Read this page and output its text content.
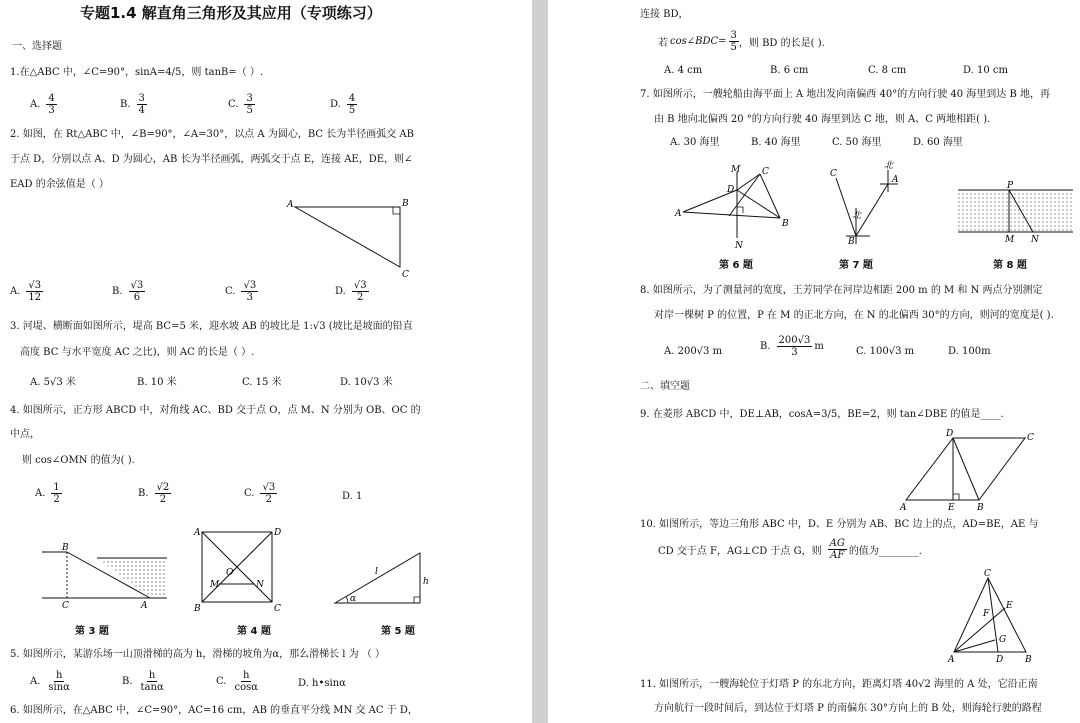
专题1.4 解直角三角形及其应用（专项练习）
一、选择题
1.在△ABC 中，∠C=90°，sinA=4/5，则 tanB=（ ）.
A. $\frac{4}{3}$	B. $\frac{3}{4}$	C. $\frac{3}{5}$	D. $\frac{4}{5}$
2. 如图，在 Rt△ABC 中，∠B=90°，∠A=30°，以点 A 为圆心，BC 长为半径画弧交 AB
于点 D，分别以点 A、D 为圆心，AB 长为半径画弧，两弧交于点 E，连接 AE，DE，则∠
EAD 的余弦值是（ ）
A	B
C
A. $\frac{√3}{12}$	B. $\frac{√3}{6}$	C. $\frac{√3}{3}$	D. $\frac{√3}{2}$
3. 河堤、横断面如图所示，堤高 BC=5 米，迎水坡 AB 的坡比是 1:√3 (坡比是坡面的铅直
高度 BC 与水平宽度 AC 之比)，则 AC 的长是（ ）.
A. 5√3 米	B. 10 米	C. 15 米	D. 10√3 米
4. 如图所示，正方形 ABCD 中，对角线 AC、BD 交于点 O，点 M、N 分别为 OB、OC 的
中点，
则 cos∠OMN 的值为( ).
A. $\frac{1}{2}$	B. $\frac{√2}{2}$	C. $\frac{√3}{2}$	D. 1
B
C	A
A	D
B	C
O
M	N
l
h
α
第 3 题	第 4 题	第 5 题
5. 如图所示，某游乐场一山顶滑梯的高为 h，滑梯的坡角为α，那么滑梯长 l 为 （ ）
A. $\frac{h}{\sin\alpha}$	B. $\frac{h}{\tan\alpha}$	C. $\frac{h}{\cos\alpha}$	D. h•sinα
6. 如图所示，在△ABC 中，∠C=90°，AC=16 cm，AB 的垂直平分线 MN 交 AC 于 D，
连接 BD，
若 cos∠BDC= $\frac{3}{5}$ ，则 BD 的长是( ).
A. 4 cm	B. 6 cm	C. 8 cm	D. 10 cm
7. 如图所示，一艘轮船由海平面上 A 地出发向南偏西 40°的方向行驶 40 海里到达 B 地，再
由 B 地向北偏西 20 °的方向行驶 40 海里到达 C 地，则 A、C 两地相距( ).
A. 30 海里	B. 40 海里	C. 50 海里	D. 60 海里
M C
D
A
B
N
C
北
A
北
B
P
M N
第 6 题	第 7 题	第 8 题
8. 如图所示，为了测量河的宽度，王芳同学在河岸边相距 200 m 的 M 和 N 两点分别测定
对岸一棵树 P 的位置，P 在 M 的正北方向，在 N 的北偏西 30°的方向，则河的宽度是( ).
A. 200√3 m	B. $\frac{200√3}{3}$ m	C. 100√3 m	D. 100m
二、填空题
9. 在菱形 ABCD 中，DE⊥AB，cosA=3/5，BE=2，则 tan∠DBE 的值是____.
D	C
A	E B
10. 如图所示，等边三角形 ABC 中，D、E 分别为 AB、BC 边上的点，AD=BE，AE 与
CD 交于点 F，AG⊥CD 于点 G，则 $\frac{AG}{AF}$ 的值为________.
C
E
F
G
A	D B
11. 如图所示，一艘海轮位于灯塔 P 的东北方向，距离灯塔 40√2 海里的 A 处，它沿正南
方向航行一段时间后，到达位于灯塔 P 的南偏东 30°方向上的 B 处，则海轮行驶的路程
